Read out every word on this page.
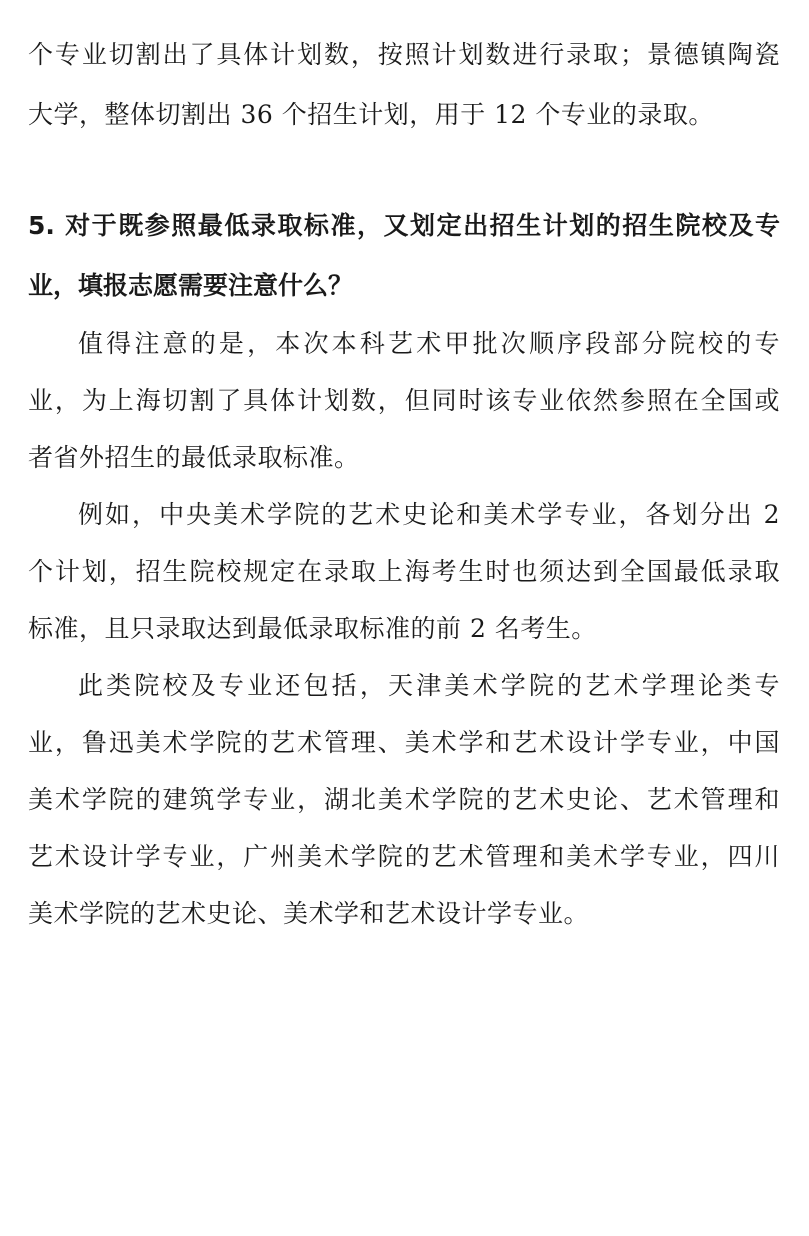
个专业切割出了具体计划数，按照计划数进行录取；景德镇陶瓷
大学，整体切割出 36 个招生计划，用于 12 个专业的录取。
5. 对于既参照最低录取标准，又划定出招生计划的招生院校及专
业，填报志愿需要注意什么？
值得注意的是，本次本科艺术甲批次顺序段部分院校的专
业，为上海切割了具体计划数，但同时该专业依然参照在全国或
者省外招生的最低录取标准。
例如，中央美术学院的艺术史论和美术学专业，各划分出 2
个计划，招生院校规定在录取上海考生时也须达到全国最低录取
标准，且只录取达到最低录取标准的前 2 名考生。
此类院校及专业还包括，天津美术学院的艺术学理论类专
业，鲁迅美术学院的艺术管理、美术学和艺术设计学专业，中国
美术学院的建筑学专业，湖北美术学院的艺术史论、艺术管理和
艺术设计学专业，广州美术学院的艺术管理和美术学专业，四川
美术学院的艺术史论、美术学和艺术设计学专业。
